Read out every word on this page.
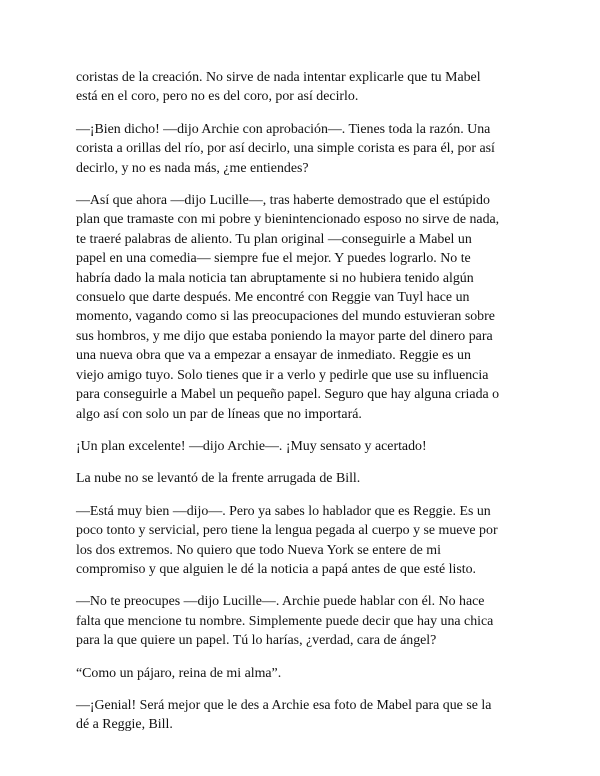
coristas de la creación. No sirve de nada intentar explicarle que tu Mabel
está en el coro, pero no es del coro, por así decirlo.

—¡Bien dicho! —dijo Archie con aprobación—. Tienes toda la razón. Una
corista a orillas del río, por así decirlo, una simple corista es para él, por así
decirlo, y no es nada más, ¿me entiendes?

—Así que ahora —dijo Lucille—, tras haberte demostrado que el estúpido
plan que tramaste con mi pobre y bienintencionado esposo no sirve de nada,
te traeré palabras de aliento. Tu plan original —conseguirle a Mabel un
papel en una comedia— siempre fue el mejor. Y puedes lograrlo. No te
habría dado la mala noticia tan abruptamente si no hubiera tenido algún
consuelo que darte después. Me encontré con Reggie van Tuyl hace un
momento, vagando como si las preocupaciones del mundo estuvieran sobre
sus hombros, y me dijo que estaba poniendo la mayor parte del dinero para
una nueva obra que va a empezar a ensayar de inmediato. Reggie es un
viejo amigo tuyo. Solo tienes que ir a verlo y pedirle que use su influencia
para conseguirle a Mabel un pequeño papel. Seguro que hay alguna criada o
algo así con solo un par de líneas que no importará.

¡Un plan excelente! —dijo Archie—. ¡Muy sensato y acertado!

La nube no se levantó de la frente arrugada de Bill.

—Está muy bien —dijo—. Pero ya sabes lo hablador que es Reggie. Es un
poco tonto y servicial, pero tiene la lengua pegada al cuerpo y se mueve por
los dos extremos. No quiero que todo Nueva York se entere de mi
compromiso y que alguien le dé la noticia a papá antes de que esté listo.

—No te preocupes —dijo Lucille—. Archie puede hablar con él. No hace
falta que mencione tu nombre. Simplemente puede decir que hay una chica
para la que quiere un papel. Tú lo harías, ¿verdad, cara de ángel?

“Como un pájaro, reina de mi alma”.

—¡Genial! Será mejor que le des a Archie esa foto de Mabel para que se la
dé a Reggie, Bill.
